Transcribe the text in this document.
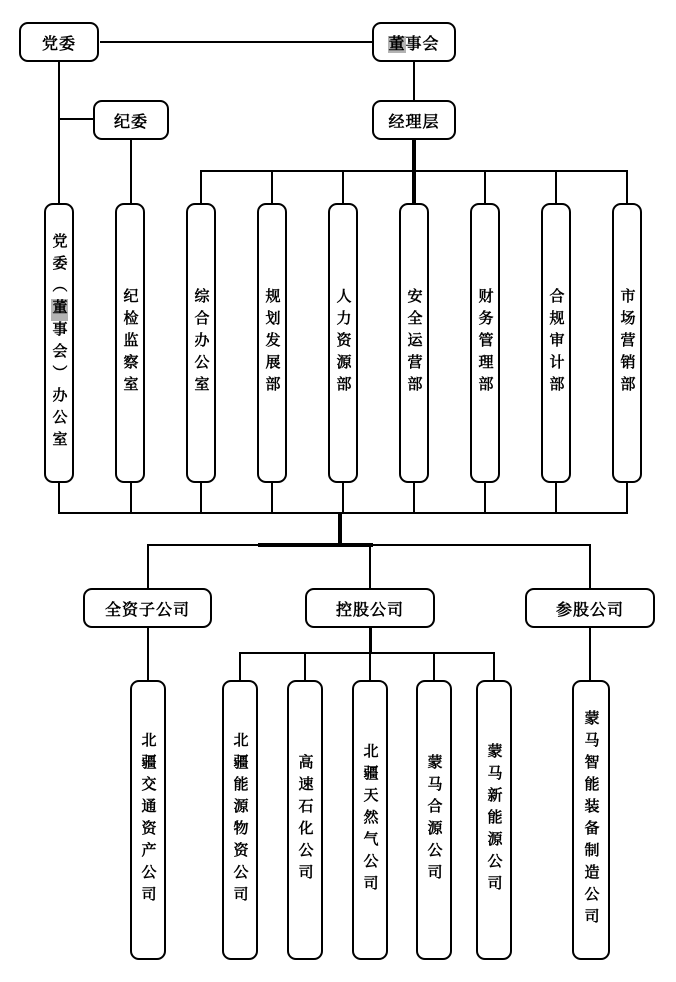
党委	董事会
纪委	经理层
党委（董事会）办公室	纪检监察室	综合办公室	规划发展部	人力资源部	安全运营部	财务管理部	合规审计部	市场营销部
全资子公司	控股公司	参股公司
北疆交通资产公司	北疆能源物资公司	高速石化公司	北疆天然气公司	蒙马合源公司	蒙马新能源公司	蒙马智能装备制造公司
